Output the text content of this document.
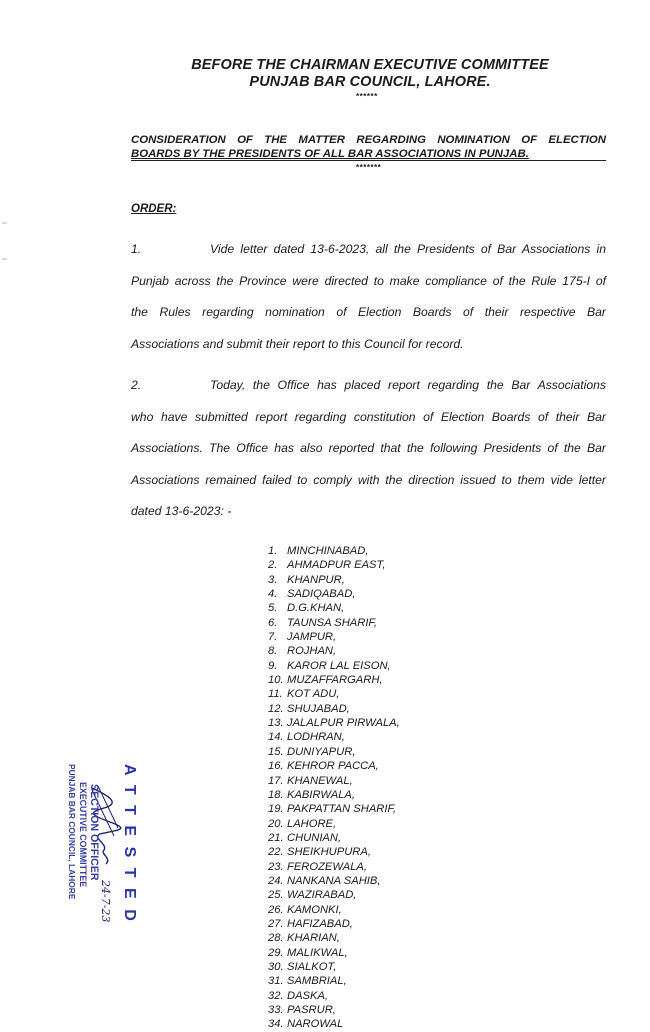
BEFORE THE CHAIRMAN EXECUTIVE COMMITTEE
PUNJAB BAR COUNCIL, LAHORE.
******
CONSIDERATION OF THE MATTER REGARDING NOMINATION OF ELECTION
BOARDS BY THE PRESIDENTS OF ALL BAR ASSOCIATIONS IN PUNJAB.
*******
ORDER:
1.	Vide letter dated 13-6-2023, all the Presidents of Bar Associations in
Punjab across the Province were directed to make compliance of the Rule 175-I of
the Rules regarding nomination of Election Boards of their respective Bar
Associations and submit their report to this Council for record.
2.	Today, the Office has placed report regarding the Bar Associations
who have submitted report regarding constitution of Election Boards of their Bar
Associations. The Office has also reported that the following Presidents of the Bar
Associations remained failed to comply with the direction issued to them vide letter
dated 13-6-2023: -
1. MINCHINABAD,
2. AHMADPUR EAST,
3. KHANPUR,
4. SADIQABAD,
5. D.G.KHAN,
6. TAUNSA SHARIF,
7. JAMPUR,
8. ROJHAN,
9. KAROR LAL EISON,
10. MUZAFFARGARH,
11. KOT ADU,
12. SHUJABAD,
13. JALALPUR PIRWALA,
14. LODHRAN,
15. DUNIYAPUR,
16. KEHROR PACCA,
17. KHANEWAL,
18. KABIRWALA,
19. PAKPATTAN SHARIF,
20. LAHORE,
21. CHUNIAN,
22. SHEIKHUPURA,
23. FEROZEWALA,
24. NANKANA SAHIB,
25. WAZIRABAD,
26. KAMONKI,
27. HAFIZABAD,
28. KHARIAN,
29. MALIKWAL,
30. SIALKOT,
31. SAMBRIAL,
32. DASKA,
33. PASRUR,
34. NAROWAL
ATTESTED
24-7-23
SECTION OFFICER
EXECUTIVE COMMITTEE
PUNJAB BAR COUNCIL, LAHORE
